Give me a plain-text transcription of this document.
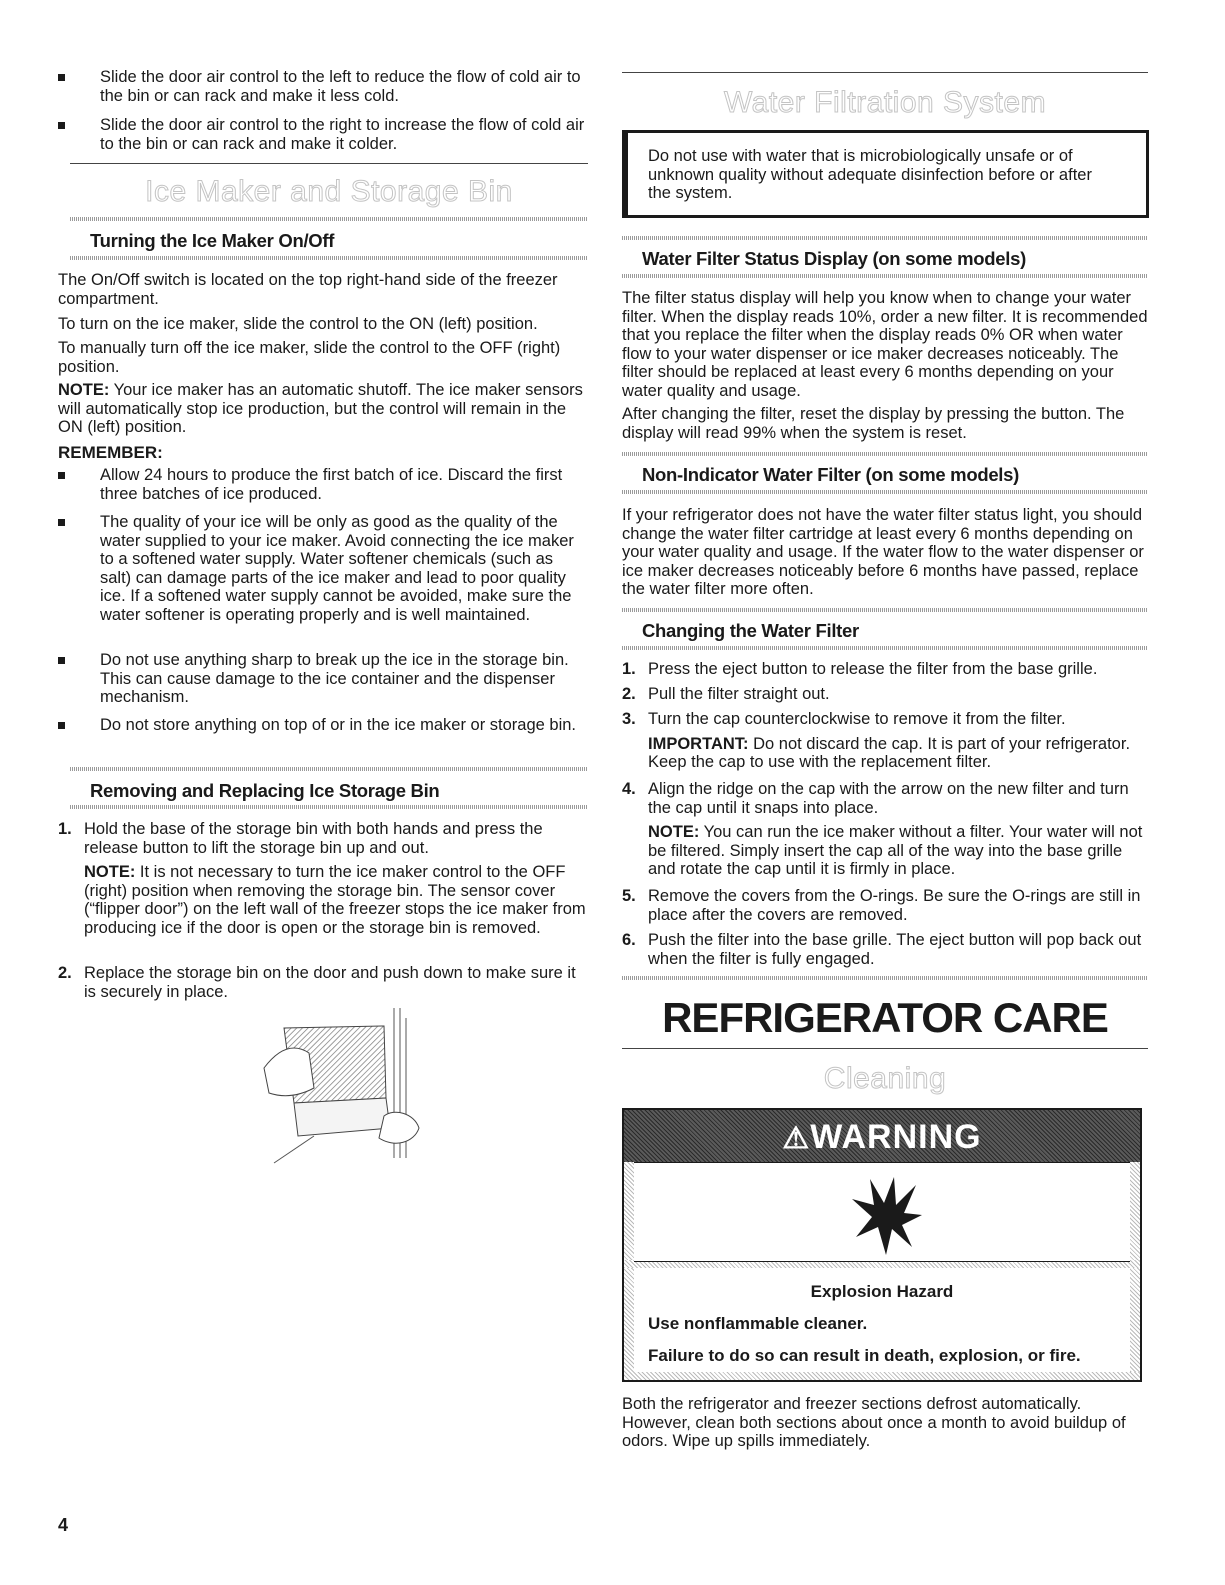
Slide the door air control to the left to reduce the flow of cold air to the bin or can rack and make it less cold.
Slide the door air control to the right to increase the flow of cold air to the bin or can rack and make it colder.
Ice Maker and Storage Bin
Turning the Ice Maker On/Off

The On/Off switch is located on the top right-hand side of the freezer compartment.

To turn on the ice maker, slide the control to the ON (left) position.

To manually turn off the ice maker, slide the control to the OFF (right) position.

NOTE: Your ice maker has an automatic shutoff. The ice maker sensors will automatically stop ice production, but the control will remain in the ON (left) position.

REMEMBER:
Allow 24 hours to produce the first batch of ice. Discard the first three batches of ice produced.
The quality of your ice will be only as good as the quality of the water supplied to your ice maker. Avoid connecting the ice maker to a softened water supply. Water softener chemicals (such as salt) can damage parts of the ice maker and lead to poor quality ice. If a softened water supply cannot be avoided, make sure the water softener is operating properly and is well maintained.
Do not use anything sharp to break up the ice in the storage bin. This can cause damage to the ice container and the dispenser mechanism.
Do not store anything on top of or in the ice maker or storage bin.
Removing and Replacing Ice Storage Bin
1. Hold the base of the storage bin with both hands and press the release button to lift the storage bin up and out.
NOTE: It is not necessary to turn the ice maker control to the OFF (right) position when removing the storage bin. The sensor cover (“flipper door”) on the left wall of the freezer stops the ice maker from producing ice if the door is open or the storage bin is removed.
2. Replace the storage bin on the door and push down to make sure it is securely in place.
Water Filtration System

Do not use with water that is microbiologically unsafe or of unknown quality without adequate disinfection before or after the system.

Water Filter Status Display (on some models)

The filter status display will help you know when to change your water filter. When the display reads 10%, order a new filter. It is recommended that you replace the filter when the display reads 0% OR when water flow to your water dispenser or ice maker decreases noticeably. The filter should be replaced at least every 6 months depending on your water quality and usage.

After changing the filter, reset the display by pressing the button. The display will read 99% when the system is reset.

Non-Indicator Water Filter (on some models)

If your refrigerator does not have the water filter status light, you should change the water filter cartridge at least every 6 months depending on your water quality and usage. If the water flow to the water dispenser or ice maker decreases noticeably before 6 months have passed, replace the water filter more often.

Changing the Water Filter
1. Press the eject button to release the filter from the base grille.
2. Pull the filter straight out.
3. Turn the cap counterclockwise to remove it from the filter.
IMPORTANT: Do not discard the cap. It is part of your refrigerator. Keep the cap to use with the replacement filter.
4. Align the ridge on the cap with the arrow on the new filter and turn the cap until it snaps into place.
NOTE: You can run the ice maker without a filter. Your water will not be filtered. Simply insert the cap all of the way into the base grille and rotate the cap until it is firmly in place.
5. Remove the covers from the O-rings. Be sure the O-rings are still in place after the covers are removed.
6. Push the filter into the base grille. The eject button will pop back out when the filter is fully engaged.
REFRIGERATOR CARE
Cleaning
⚠WARNING
Explosion Hazard
Use nonflammable cleaner.
Failure to do so can result in death, explosion, or fire.

Both the refrigerator and freezer sections defrost automatically. However, clean both sections about once a month to avoid buildup of odors. Wipe up spills immediately.

4
